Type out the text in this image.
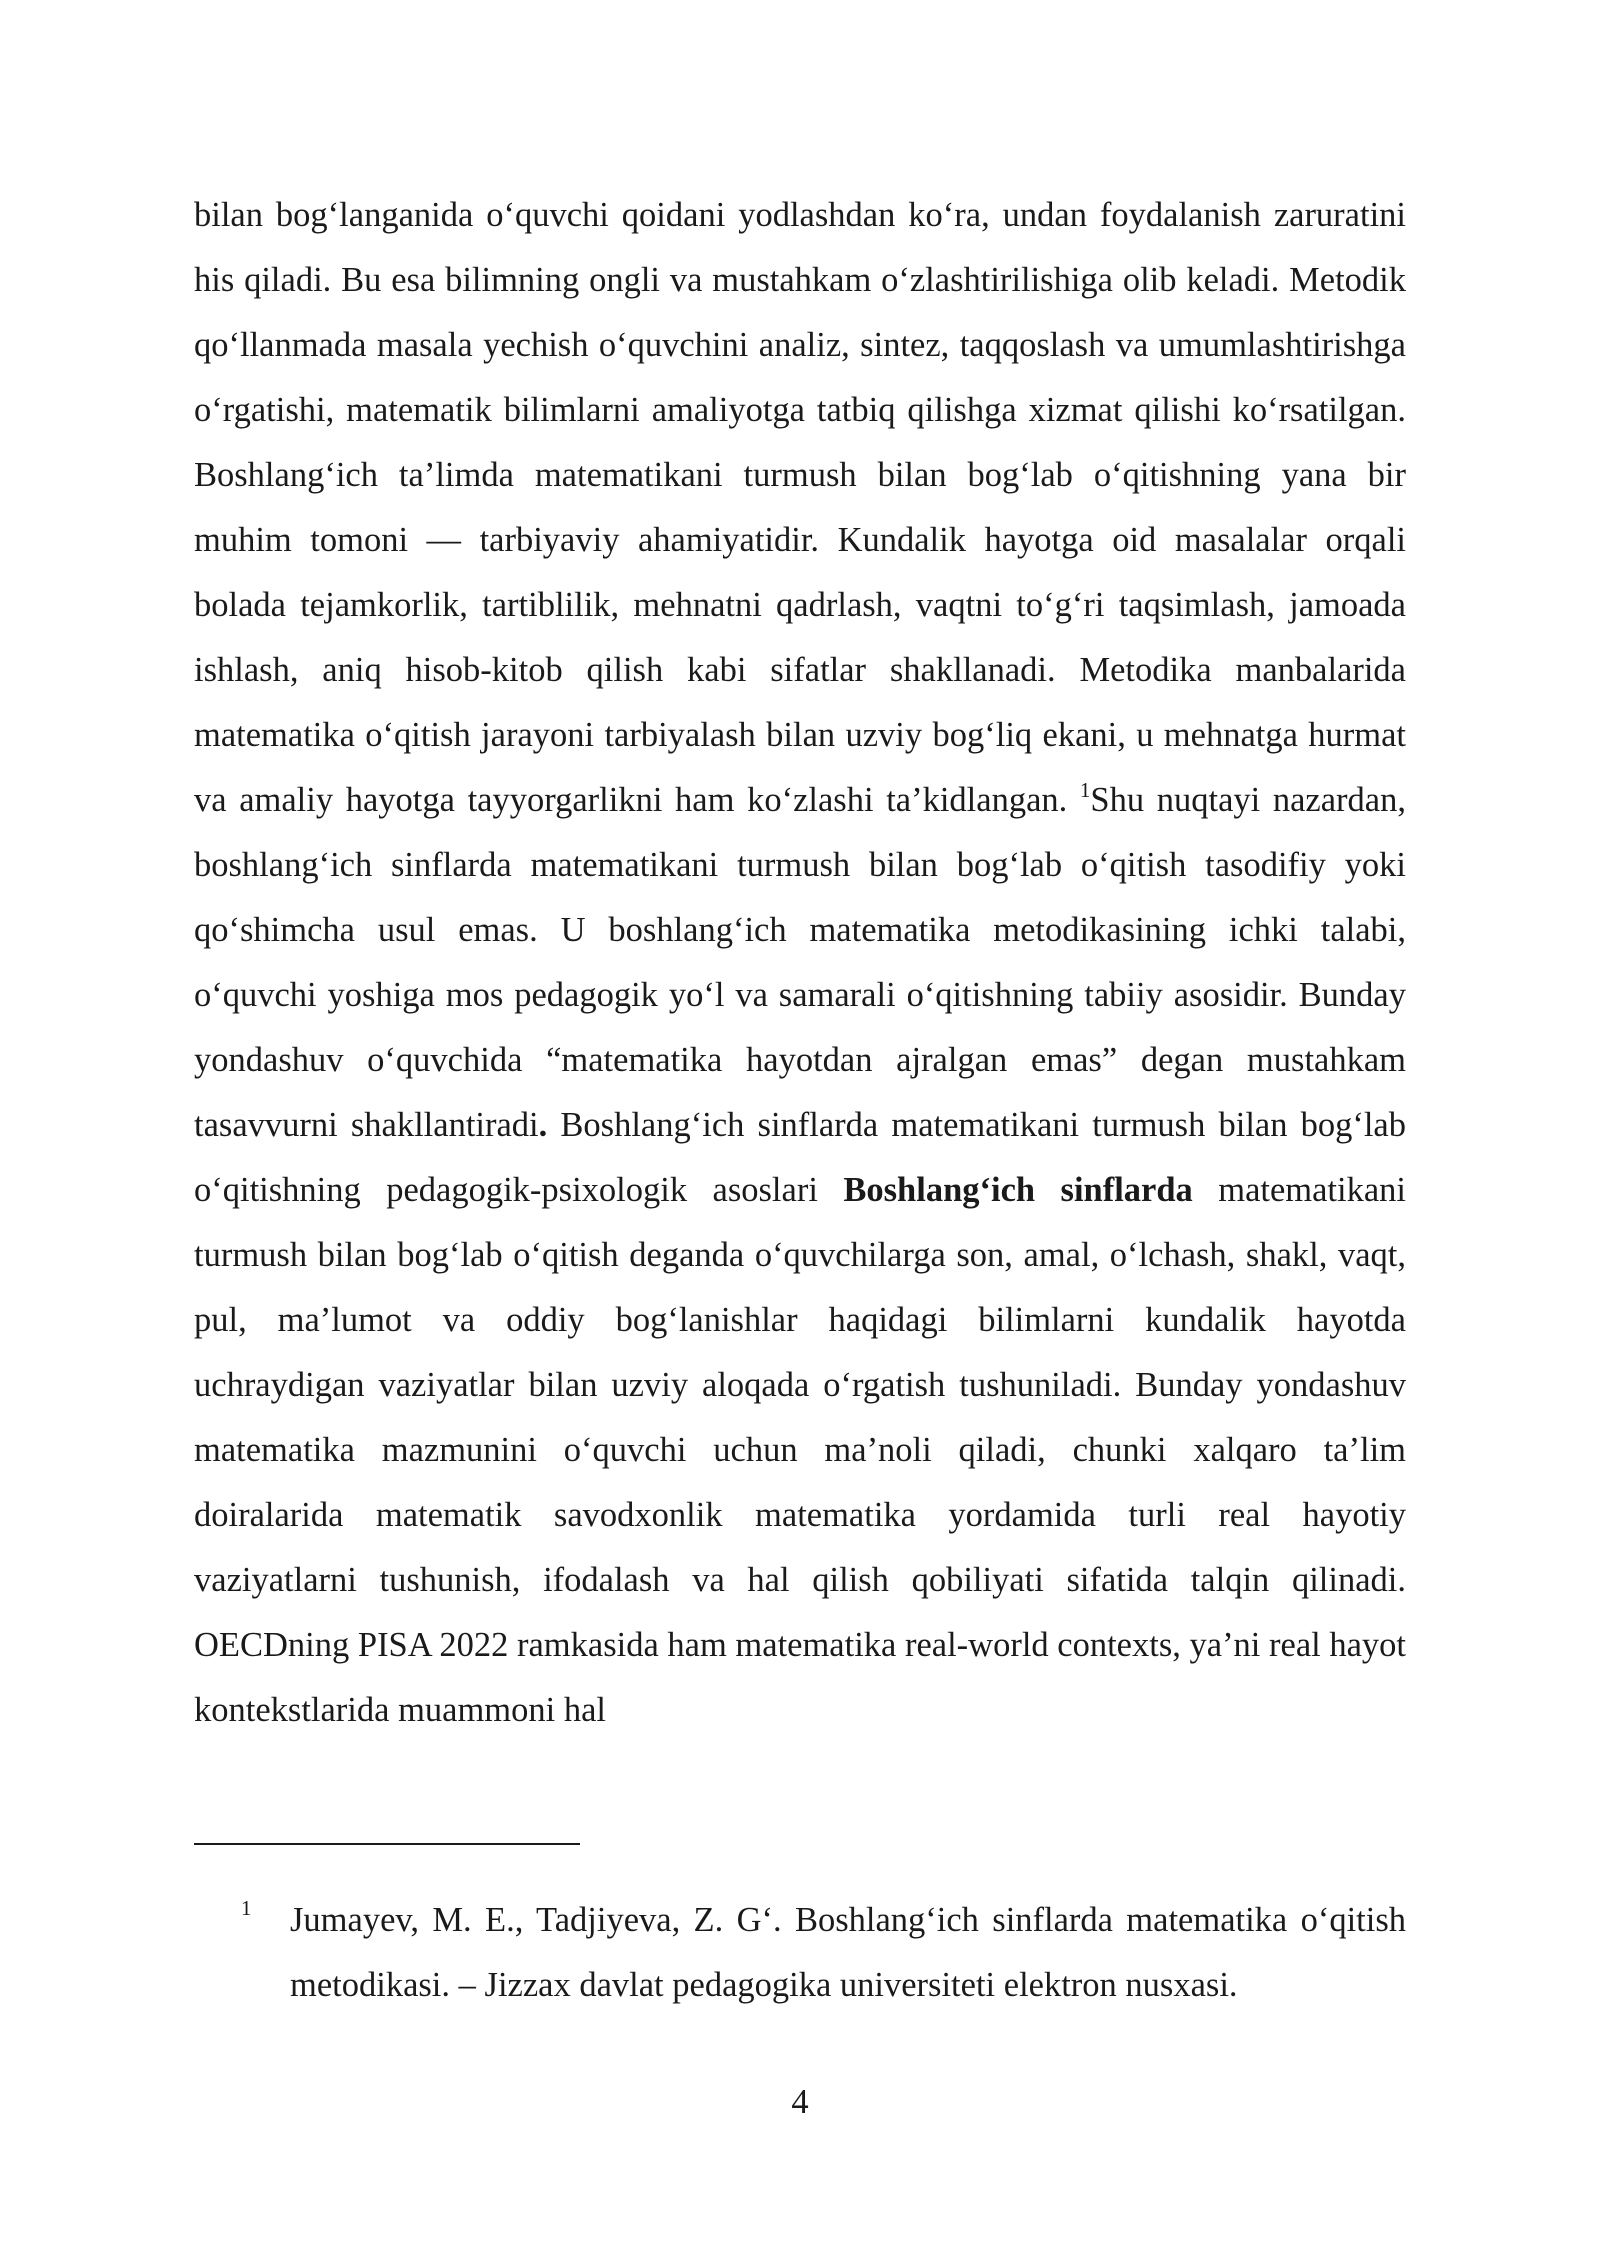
bilan bog‘langanida o‘quvchi qoidani yodlashdan ko‘ra, undan foydalanish zaruratini his qiladi. Bu esa bilimning ongli va mustahkam o‘zlashtirilishiga olib keladi. Metodik qo‘llanmada masala yechish o‘quvchini analiz, sintez, taqqoslash va umumlashtirishga o‘rgatishi, matematik bilimlarni amaliyotga tatbiq qilishga xizmat qilishi ko‘rsatilgan. Boshlang‘ich ta’limda matematikani turmush bilan bog‘lab o‘qitishning yana bir muhim tomoni — tarbiyaviy ahamiyatidir. Kundalik hayotga oid masalalar orqali bolada tejamkorlik, tartiblilik, mehnatni qadrlash, vaqtni to‘g‘ri taqsimlash, jamoada ishlash, aniq hisob-kitob qilish kabi sifatlar shakllanadi. Metodika manbalarida matematika o‘qitish jarayoni tarbiyalash bilan uzviy bog‘liq ekani, u mehnatga hurmat va amaliy hayotga tayyorgarlikni ham ko‘zlashi ta’kidlangan. $^1$Shu nuqtayi nazardan, boshlang‘ich sinflarda matematikani turmush bilan bog‘lab o‘qitish tasodifiy yoki qo‘shimcha usul emas. U boshlang‘ich matematika metodikasining ichki talabi, o‘quvchi yoshiga mos pedagogik yo‘l va samarali o‘qitishning tabiiy asosidir. Bunday yondashuv o‘quvchida “matematika hayotdan ajralgan emas” degan mustahkam tasavvurni shakllantiradi. Boshlang‘ich sinflarda matematikani turmush bilan bog‘lab o‘qitishning pedagogik-psixologik asoslari Boshlang‘ich sinflarda matematikani turmush bilan bog‘lab o‘qitish deganda o‘quvchilarga son, amal, o‘lchash, shakl, vaqt, pul, ma’lumot va oddiy bog‘lanishlar haqidagi bilimlarni kundalik hayotda uchraydigan vaziyatlar bilan uzviy aloqada o‘rgatish tushuniladi. Bunday yondashuv matematika mazmunini o‘quvchi uchun ma’noli qiladi, chunki xalqaro ta’lim doiralarida matematik savodxonlik matematika yordamida turli real hayotiy vaziyatlarni tushunish, ifodalash va hal qilish qobiliyati sifatida talqin qilinadi. OECDning PISA 2022 ramkasida ham matematika real-world contexts, ya’ni real hayot kontekstlarida muammoni hal

1 Jumayev, M. E., Tadjiyeva, Z. G‘. Boshlang‘ich sinflarda matematika o‘qitish metodikasi. – Jizzax davlat pedagogika universiteti elektron nusxasi.

4
